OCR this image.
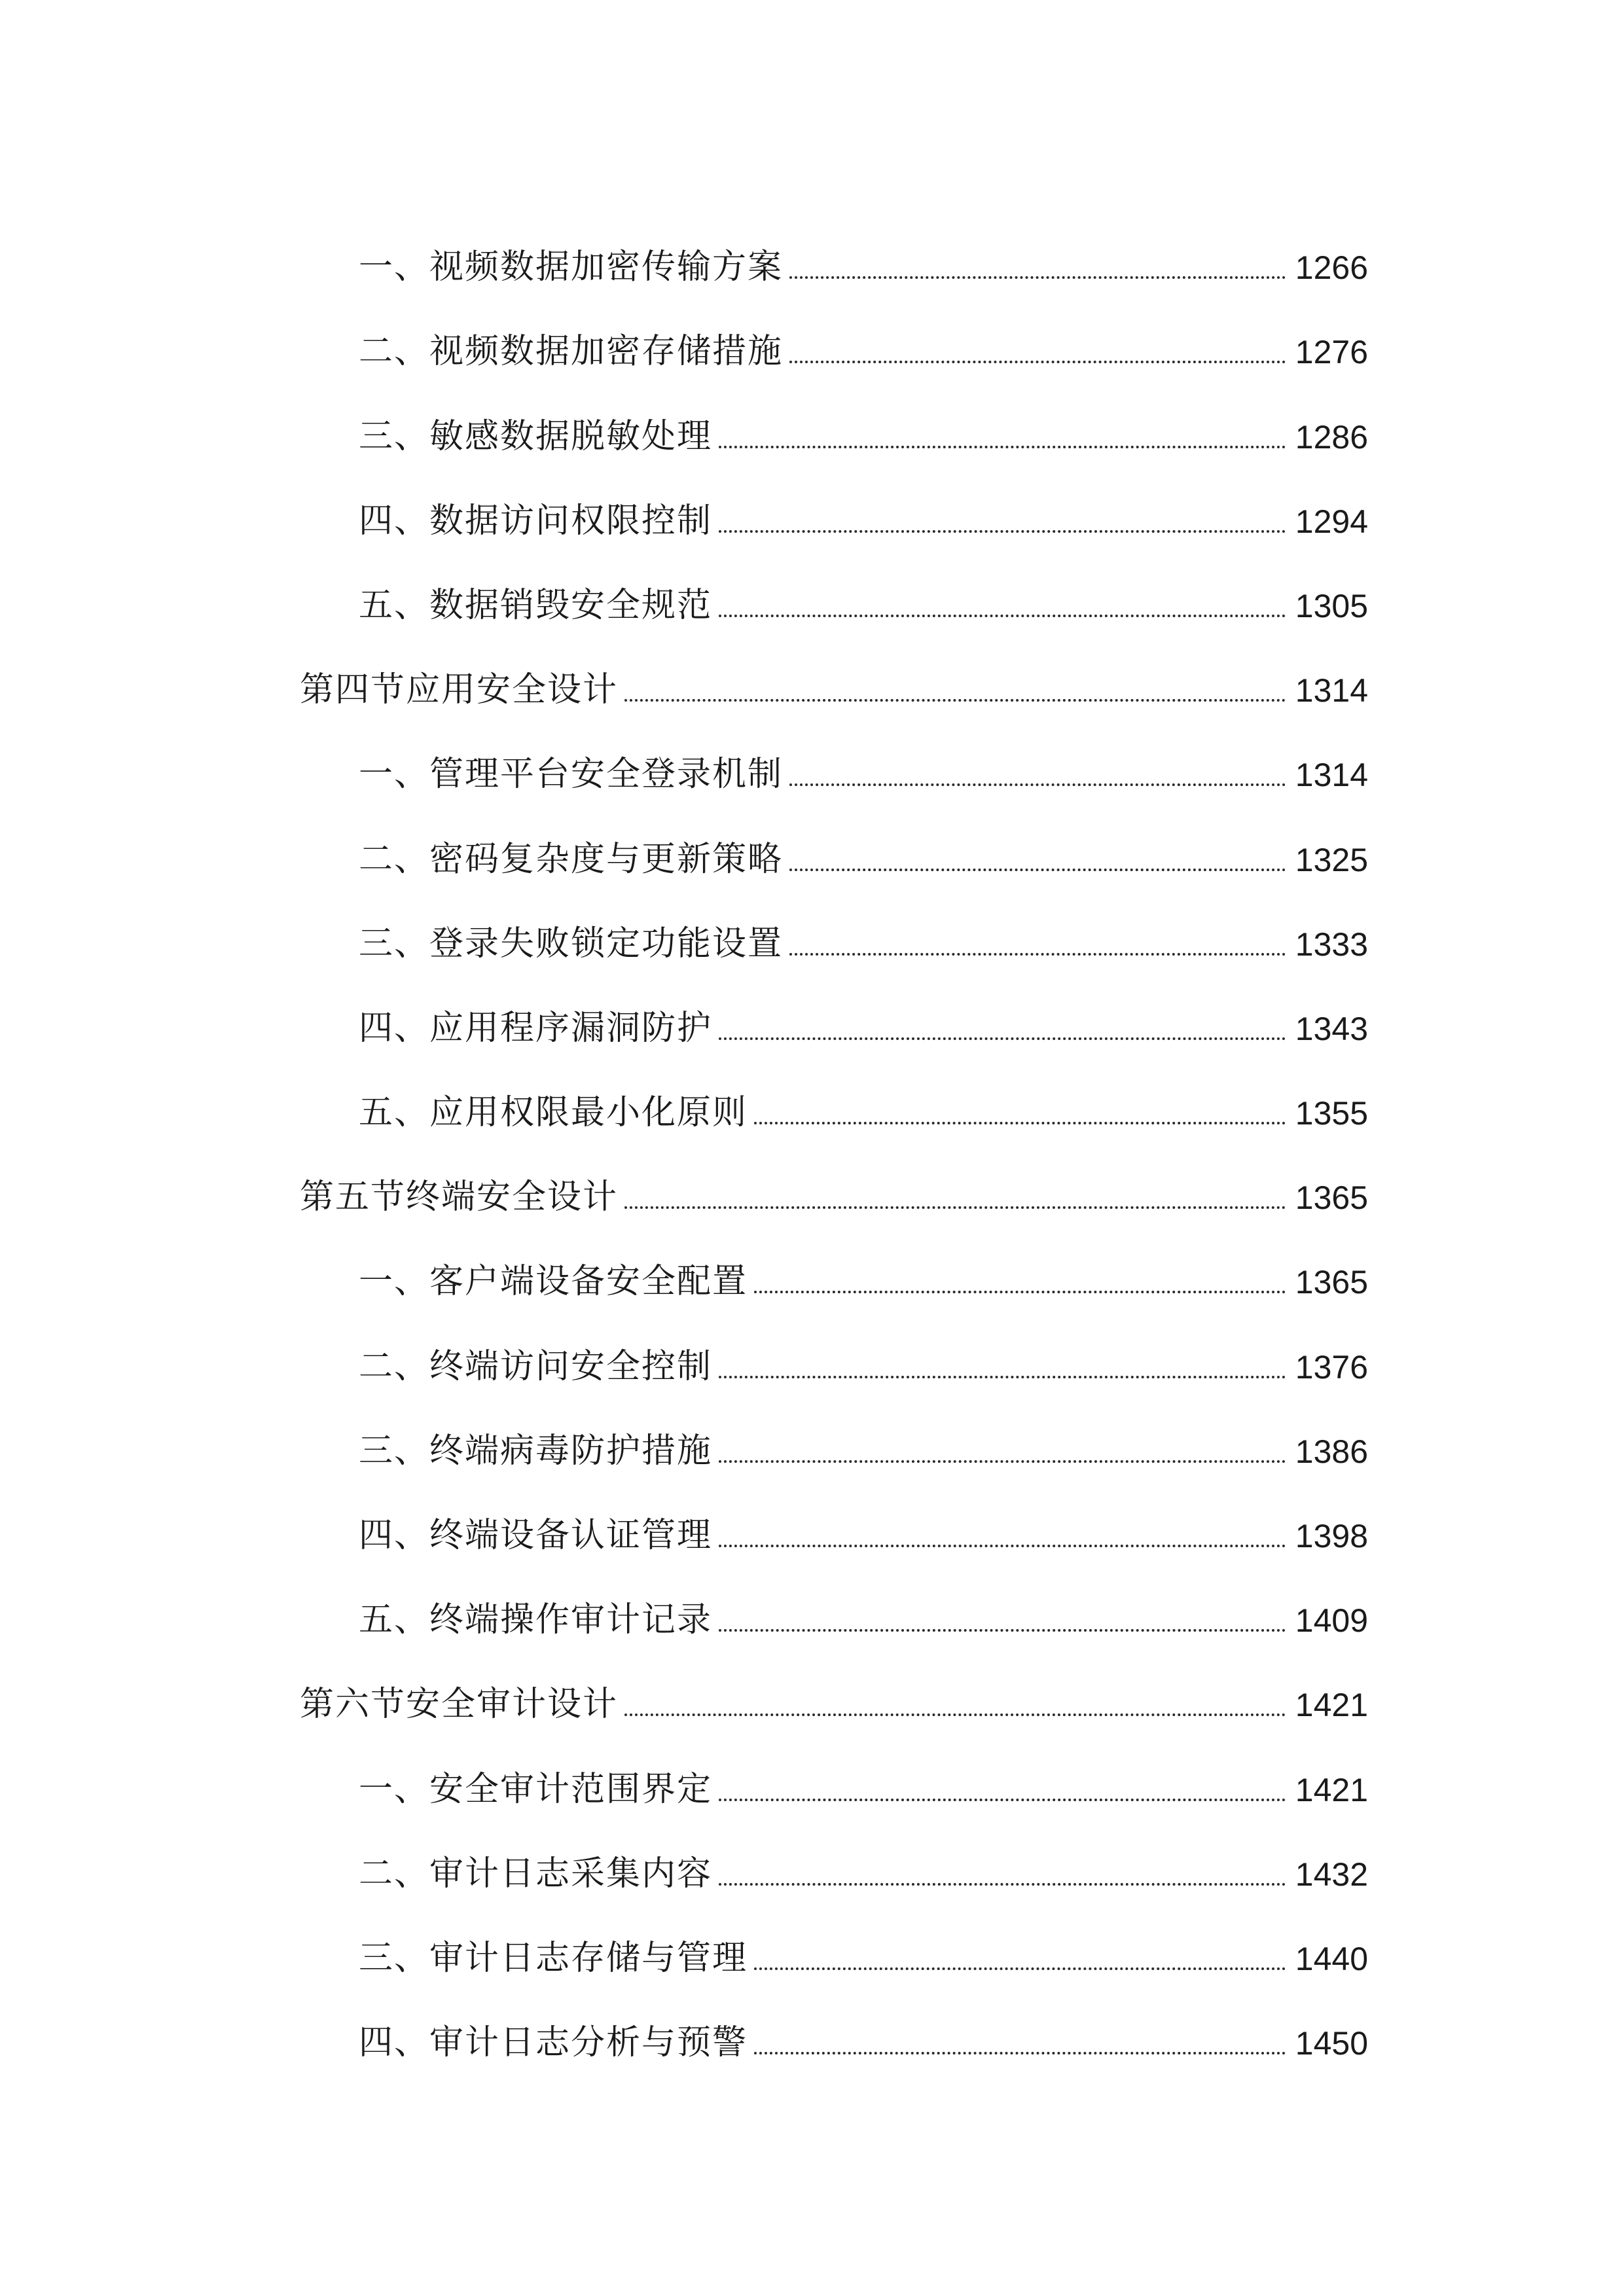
一、视频数据加密传输方案	1266
二、视频数据加密存储措施	1276
三、敏感数据脱敏处理	1286
四、数据访问权限控制	1294
五、数据销毁安全规范	1305
第四节应用安全设计	1314
一、管理平台安全登录机制	1314
二、密码复杂度与更新策略	1325
三、登录失败锁定功能设置	1333
四、应用程序漏洞防护	1343
五、应用权限最小化原则	1355
第五节终端安全设计	1365
一、客户端设备安全配置	1365
二、终端访问安全控制	1376
三、终端病毒防护措施	1386
四、终端设备认证管理	1398
五、终端操作审计记录	1409
第六节安全审计设计	1421
一、安全审计范围界定	1421
二、审计日志采集内容	1432
三、审计日志存储与管理	1440
四、审计日志分析与预警	1450
